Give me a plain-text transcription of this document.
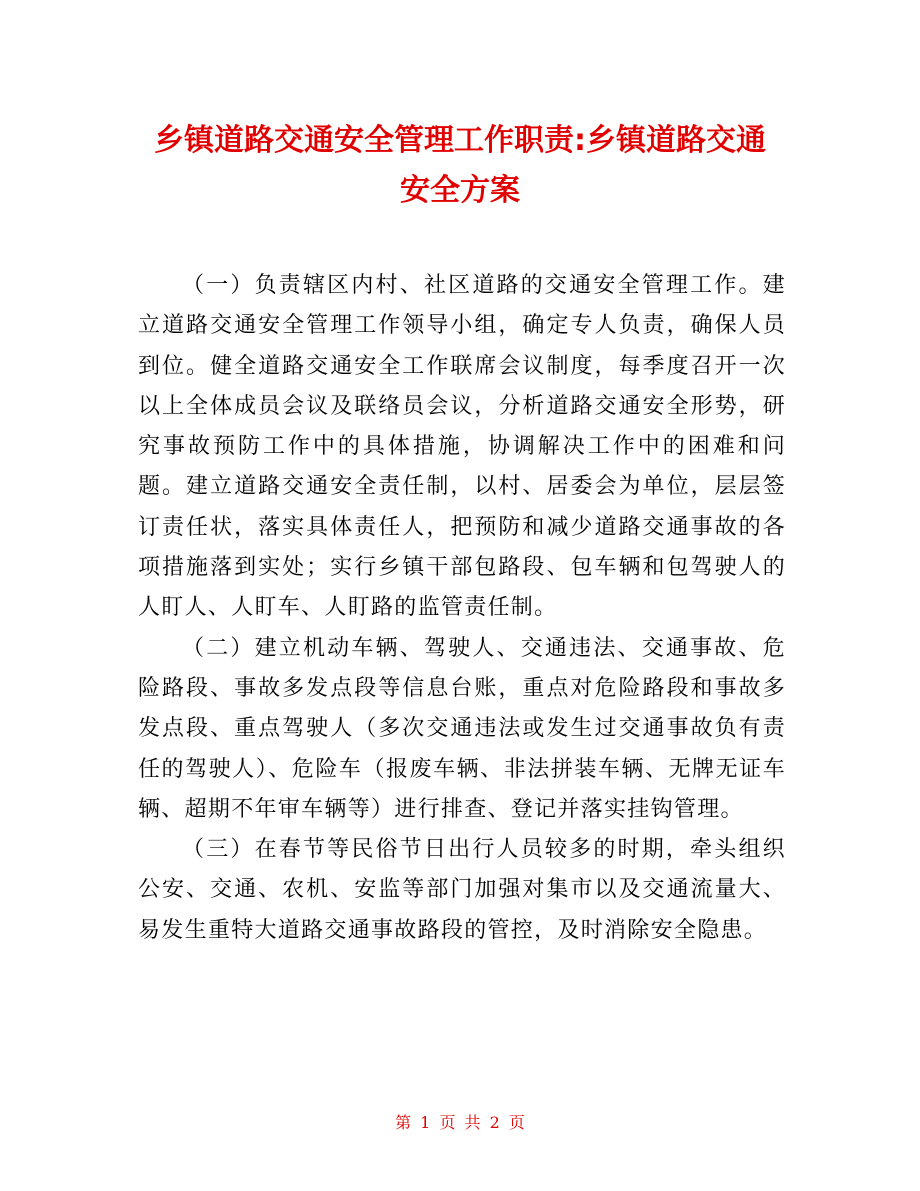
乡镇道路交通安全管理工作职责:乡镇道路交通
安全方案

（一）负责辖区内村、社区道路的交通安全管理工作。建立道路交通安全管理工作领导小组，确定专人负责，确保人员到位。健全道路交通安全工作联席会议制度，每季度召开一次以上全体成员会议及联络员会议，分析道路交通安全形势，研究事故预防工作中的具体措施，协调解决工作中的困难和问题。建立道路交通安全责任制，以村、居委会为单位，层层签订责任状，落实具体责任人，把预防和减少道路交通事故的各项措施落到实处；实行乡镇干部包路段、包车辆和包驾驶人的人盯人、人盯车、人盯路的监管责任制。

（二）建立机动车辆、驾驶人、交通违法、交通事故、危险路段、事故多发点段等信息台账，重点对危险路段和事故多发点段、重点驾驶人（多次交通违法或发生过交通事故负有责任的驾驶人）、危险车（报废车辆、非法拼装车辆、无牌无证车辆、超期不年审车辆等）进行排查、登记并落实挂钩管理。

（三）在春节等民俗节日出行人员较多的时期，牵头组织公安、交通、农机、安监等部门加强对集市以及交通流量大、易发生重特大道路交通事故路段的管控，及时消除安全隐患。

第 1 页 共 2 页
